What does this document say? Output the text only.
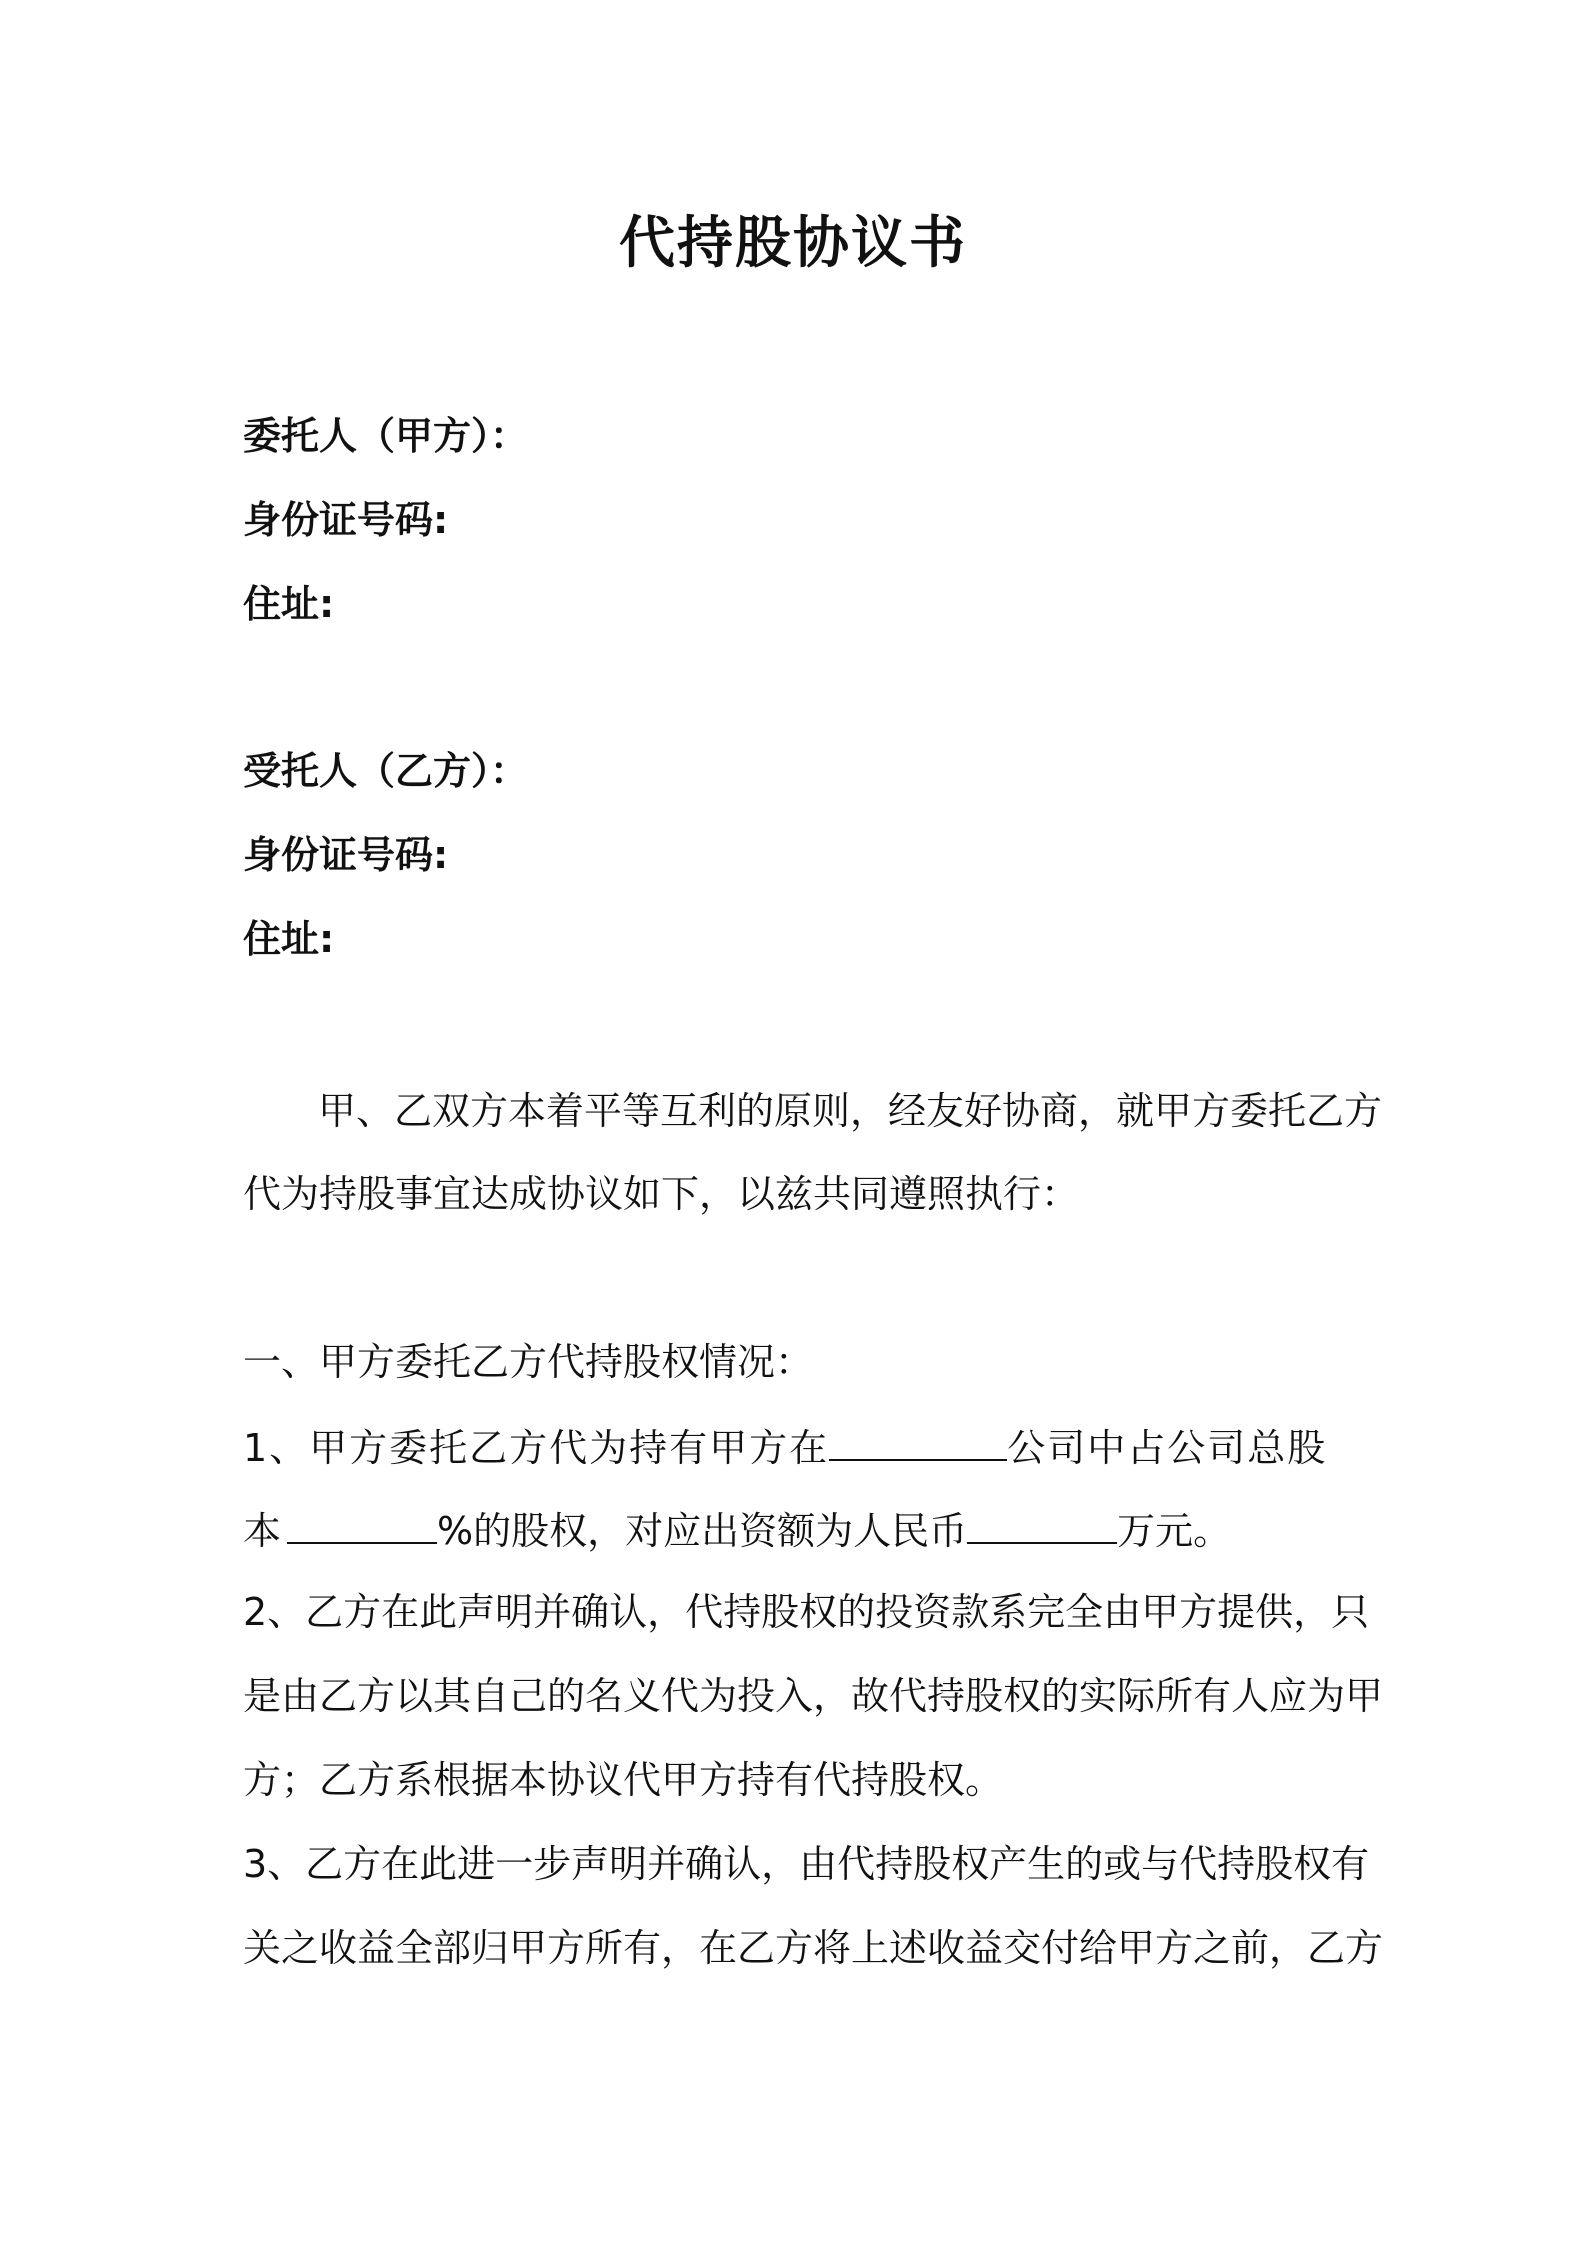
代持股协议书
委托人（甲方）：
身份证号码:
住址:
受托人（乙方）：
身份证号码:
住址:
甲、乙双方本着平等互利的原则，经友好协商，就甲方委托乙方
代为持股事宜达成协议如下，以兹共同遵照执行：
一、甲方委托乙方代持股权情况：
1、甲方委托乙方代为持有甲方在	公司中占公司总股
本	%的股权，对应出资额为人民币	万元。
2、乙方在此声明并确认，代持股权的投资款系完全由甲方提供，只
是由乙方以其自己的名义代为投入，故代持股权的实际所有人应为甲
方；乙方系根据本协议代甲方持有代持股权。
3、乙方在此进一步声明并确认，由代持股权产生的或与代持股权有
关之收益全部归甲方所有，在乙方将上述收益交付给甲方之前，乙方
